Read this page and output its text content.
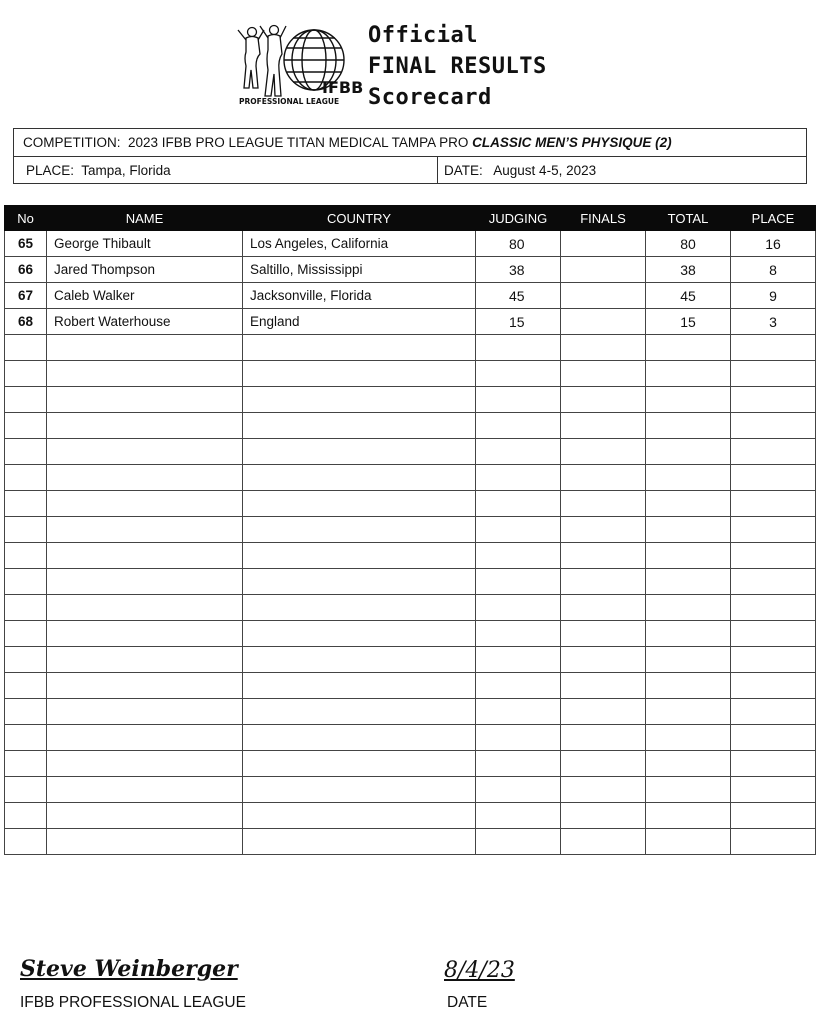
IFBB
PROFESSIONAL LEAGUE
Official
FINAL RESULTS
Scorecard
COMPETITION: 2023 IFBB PRO LEAGUE TITAN MEDICAL TAMPA PRO CLASSIC MEN’S PHYSIQUE (2)
PLACE: Tampa, Florida	DATE: August 4-5, 2023
No	NAME	COUNTRY	JUDGING	FINALS	TOTAL	PLACE
65	George Thibault	Los Angeles, California	80		80	16
66	Jared Thompson	Saltillo, Mississippi	38		38	8
67	Caleb Walker	Jacksonville, Florida	45		45	9
68	Robert Waterhouse	England	15		15	3

Steve Weinberger
IFBB PROFESSIONAL LEAGUE
8/4/23
DATE
